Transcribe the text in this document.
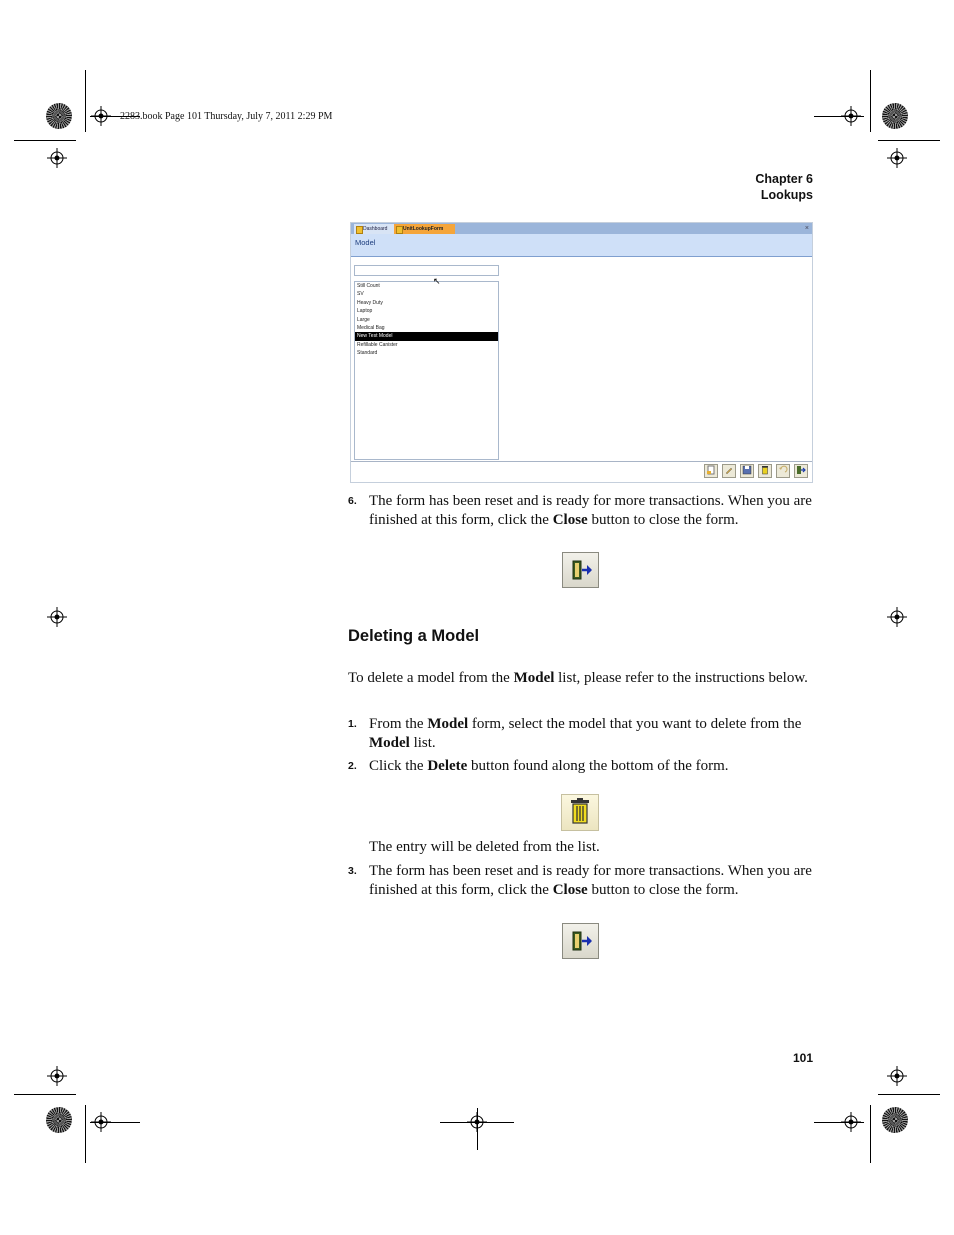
2283.book Page 101 Thursday, July 7, 2011 2:29 PM
Chapter 6
Lookups
Dashboard	UnitLookupForm	×
Model
Still Count
SV
Heavy Duty
Laptop
Large
Medical Bag
New Test Model
Refillable Canister
Standard
↖
6. The form has been reset and is ready for more transactions. When you are finished at this form, click the Close button to close the form.
Deleting a Model
To delete a model from the Model list, please refer to the instructions below.
1. From the Model form, select the model that you want to delete from the Model list.
2. Click the Delete button found along the bottom of the form.
The entry will be deleted from the list.
3. The form has been reset and is ready for more transactions. When you are finished at this form, click the Close button to close the form.
101
